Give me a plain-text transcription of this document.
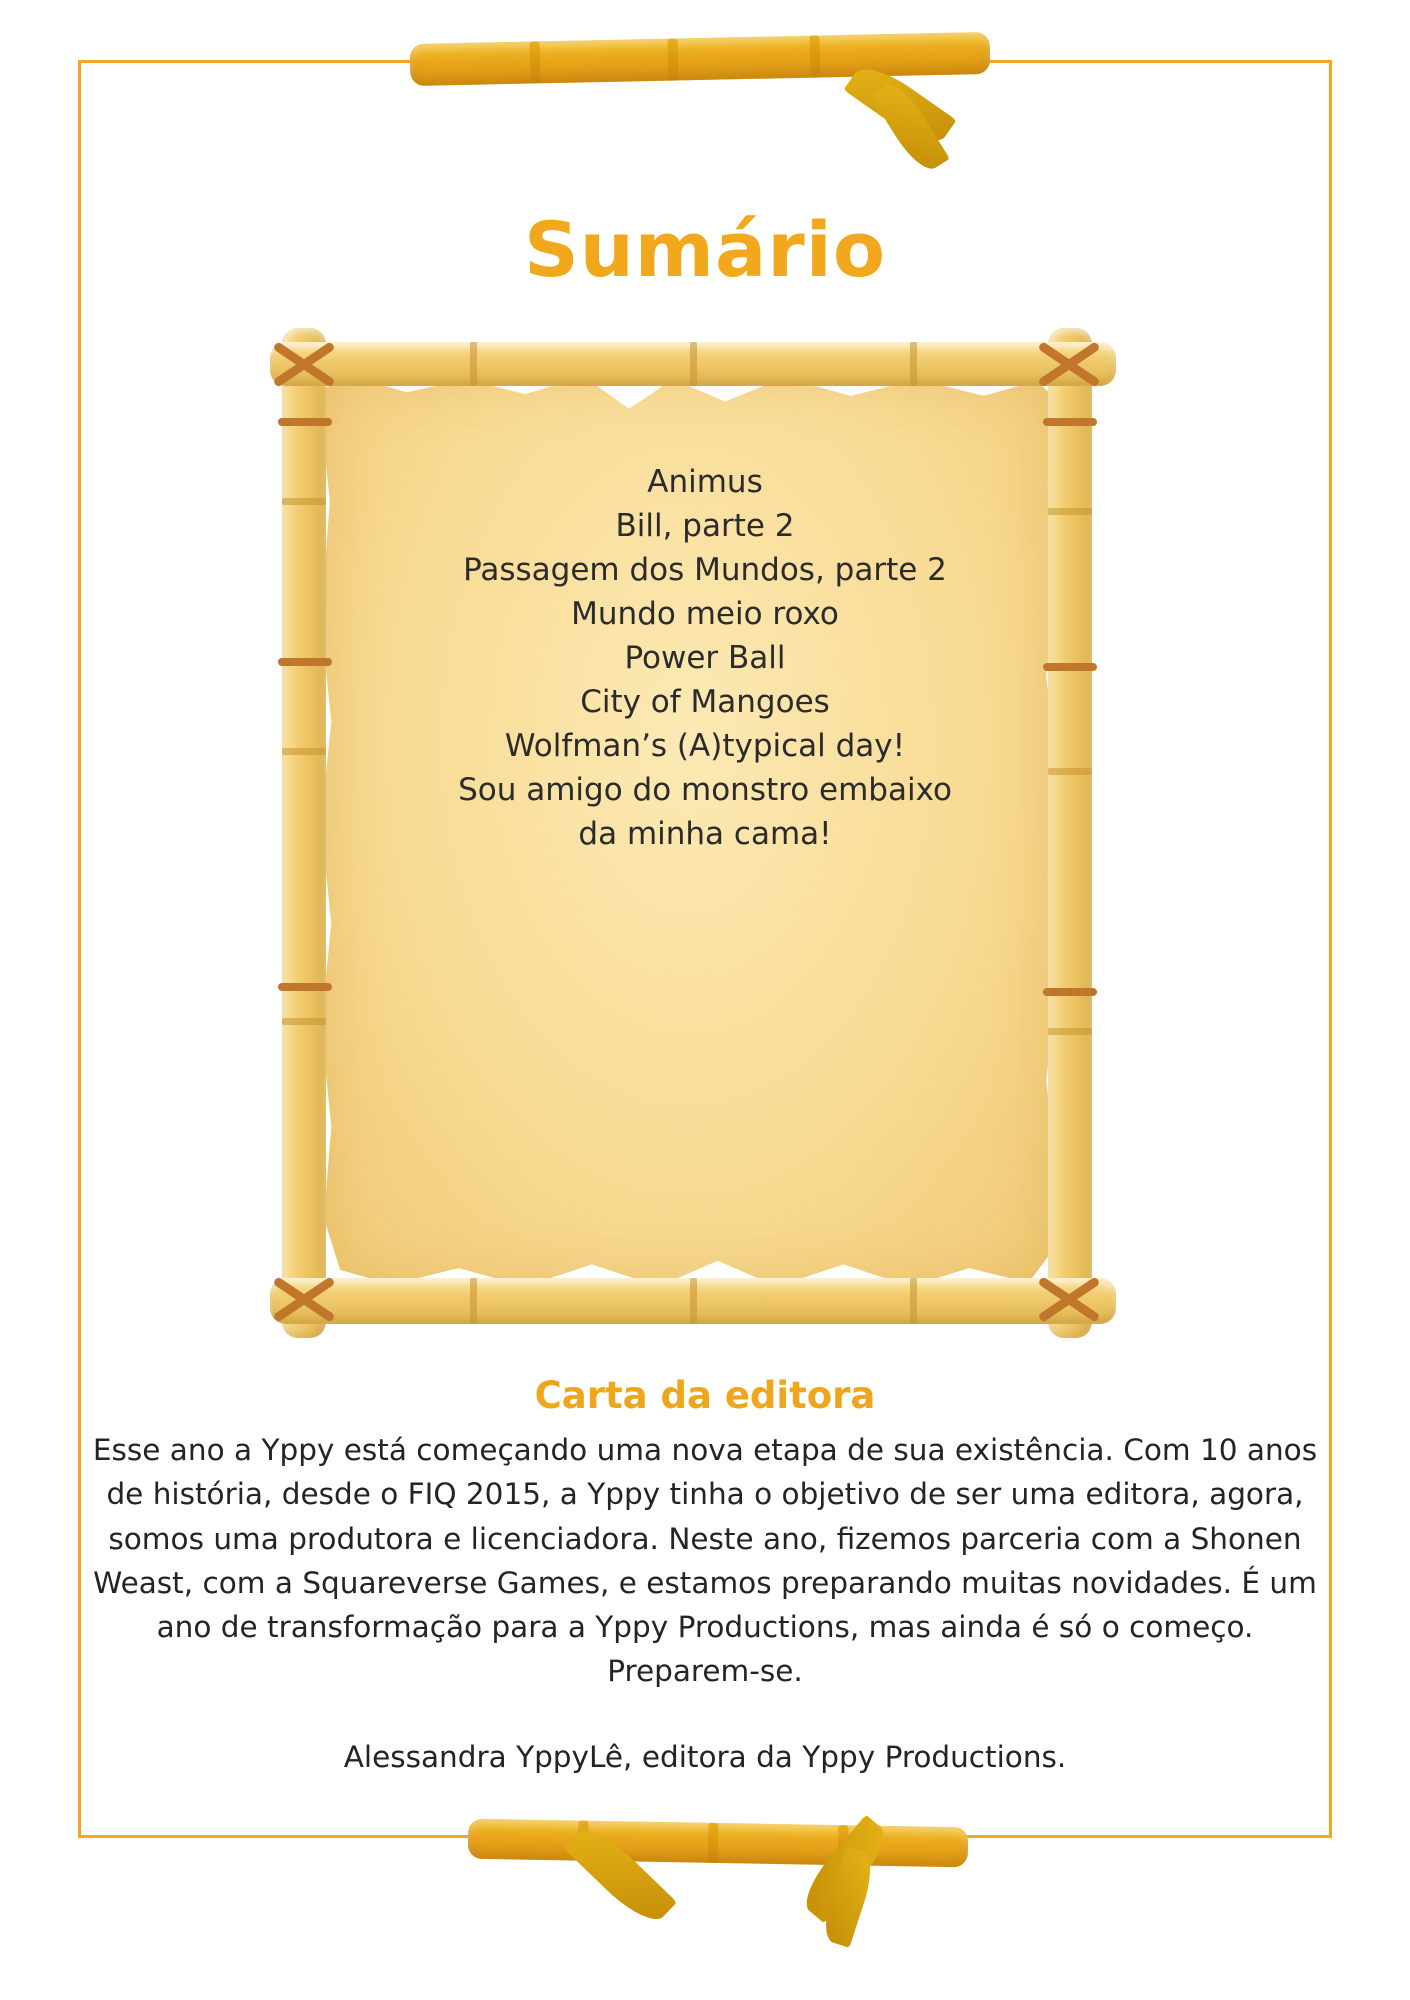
Sumário
Animus
Bill, parte 2
Passagem dos Mundos, parte 2
Mundo meio roxo
Power Ball
City of Mangoes
Wolfman’s (A)typical day!
Sou amigo do monstro embaixo
da minha cama!
Carta da editora
Esse ano a Yppy está começando uma nova etapa de sua existência. Com 10 anos de história, desde o FIQ 2015, a Yppy tinha o objetivo de ser uma editora, agora, somos uma produtora e licenciadora. Neste ano, fizemos parceria com a Shonen Weast, com a Squareverse Games, e estamos preparando muitas novidades. É um ano de transformação para a Yppy Productions, mas ainda é só o começo. Preparem-se.
Alessandra YppyLê, editora da Yppy Productions.
